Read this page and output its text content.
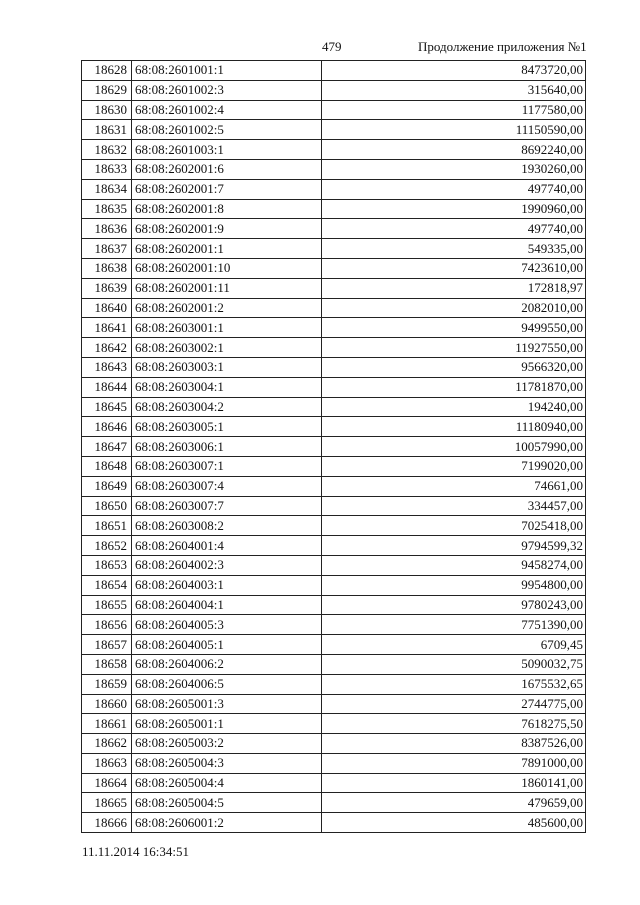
479	Продолжение приложения №1
18628	68:08:2601001:1	8473720,00
18629	68:08:2601002:3	315640,00
18630	68:08:2601002:4	1177580,00
18631	68:08:2601002:5	11150590,00
18632	68:08:2601003:1	8692240,00
18633	68:08:2602001:6	1930260,00
18634	68:08:2602001:7	497740,00
18635	68:08:2602001:8	1990960,00
18636	68:08:2602001:9	497740,00
18637	68:08:2602001:1	549335,00
18638	68:08:2602001:10	7423610,00
18639	68:08:2602001:11	172818,97
18640	68:08:2602001:2	2082010,00
18641	68:08:2603001:1	9499550,00
18642	68:08:2603002:1	11927550,00
18643	68:08:2603003:1	9566320,00
18644	68:08:2603004:1	11781870,00
18645	68:08:2603004:2	194240,00
18646	68:08:2603005:1	11180940,00
18647	68:08:2603006:1	10057990,00
18648	68:08:2603007:1	7199020,00
18649	68:08:2603007:4	74661,00
18650	68:08:2603007:7	334457,00
18651	68:08:2603008:2	7025418,00
18652	68:08:2604001:4	9794599,32
18653	68:08:2604002:3	9458274,00
18654	68:08:2604003:1	9954800,00
18655	68:08:2604004:1	9780243,00
18656	68:08:2604005:3	7751390,00
18657	68:08:2604005:1	6709,45
18658	68:08:2604006:2	5090032,75
18659	68:08:2604006:5	1675532,65
18660	68:08:2605001:3	2744775,00
18661	68:08:2605001:1	7618275,50
18662	68:08:2605003:2	8387526,00
18663	68:08:2605004:3	7891000,00
18664	68:08:2605004:4	1860141,00
18665	68:08:2605004:5	479659,00
18666	68:08:2606001:2	485600,00
11.11.2014 16:34:51
